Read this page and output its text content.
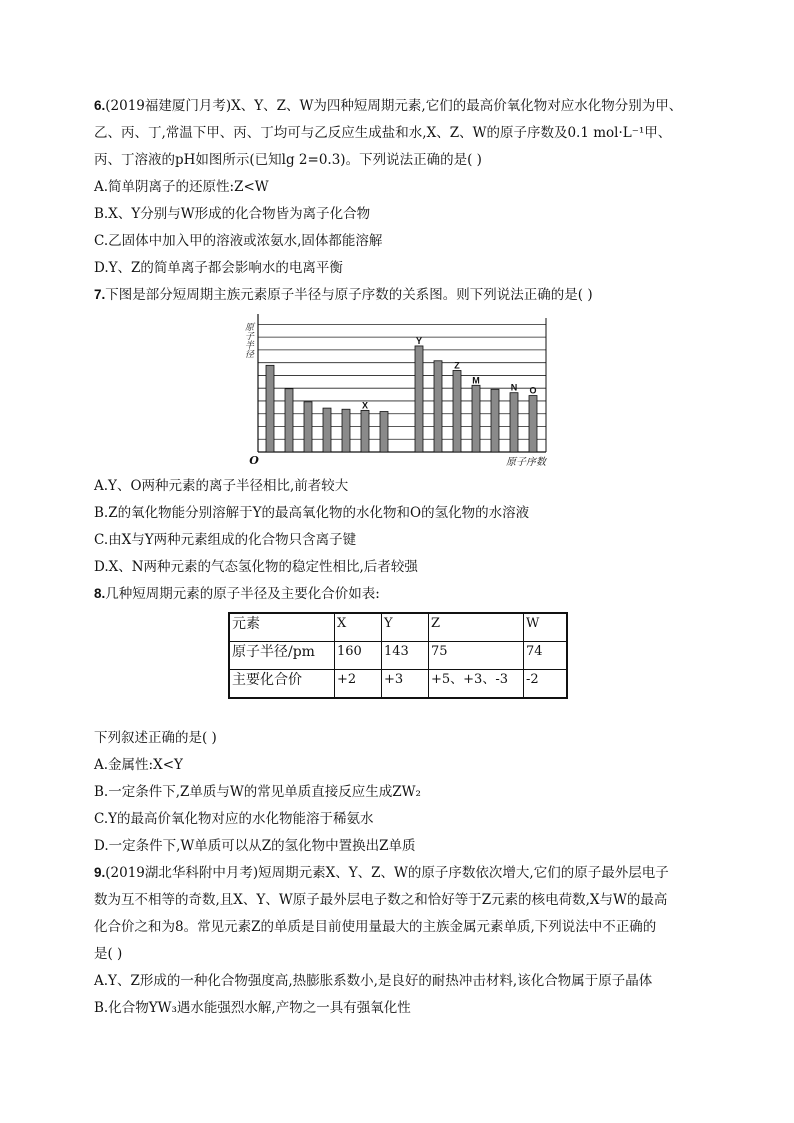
6.(2019福建厦门月考)X、Y、Z、W为四种短周期元素,它们的最高价氧化物对应水化物分别为甲、
乙、丙、丁,常温下甲、丙、丁均可与乙反应生成盐和水,X、Z、W的原子序数及0.1 mol·L⁻¹甲、
丙、丁溶液的pH如图所示(已知lg 2=0.3)。下列说法正确的是( )
A.简单阴离子的还原性:Z<W
B.X、Y分别与W形成的化合物皆为离子化合物
C.乙固体中加入甲的溶液或浓氨水,固体都能溶解
D.Y、Z的简单离子都会影响水的电离平衡
7.下图是部分短周期主族元素原子半径与原子序数的关系图。则下列说法正确的是( )
X
Y
Z
M
N O
原子半径
原子序数
O
A.Y、O两种元素的离子半径相比,前者较大
B.Z的氧化物能分别溶解于Y的最高氧化物的水化物和O的氢化物的水溶液
C.由X与Y两种元素组成的化合物只含离子键
D.X、N两种元素的气态氢化物的稳定性相比,后者较强
8.几种短周期元素的原子半径及主要化合价如表:
元素	X	Y	Z	W
原子半径/pm	160	143	75	74
主要化合价	+2	+3	+5、+3、-3	-2
下列叙述正确的是( )
A.金属性:X<Y
B.一定条件下,Z单质与W的常见单质直接反应生成ZW₂
C.Y的最高价氧化物对应的水化物能溶于稀氨水
D.一定条件下,W单质可以从Z的氢化物中置换出Z单质
9.(2019湖北华科附中月考)短周期元素X、Y、Z、W的原子序数依次增大,它们的原子最外层电子
数为互不相等的奇数,且X、Y、W原子最外层电子数之和恰好等于Z元素的核电荷数,X与W的最高
化合价之和为8。常见元素Z的单质是目前使用量最大的主族金属元素单质,下列说法中不正确的
是( )
A.Y、Z形成的一种化合物强度高,热膨胀系数小,是良好的耐热冲击材料,该化合物属于原子晶体
B.化合物YW₃遇水能强烈水解,产物之一具有强氧化性
